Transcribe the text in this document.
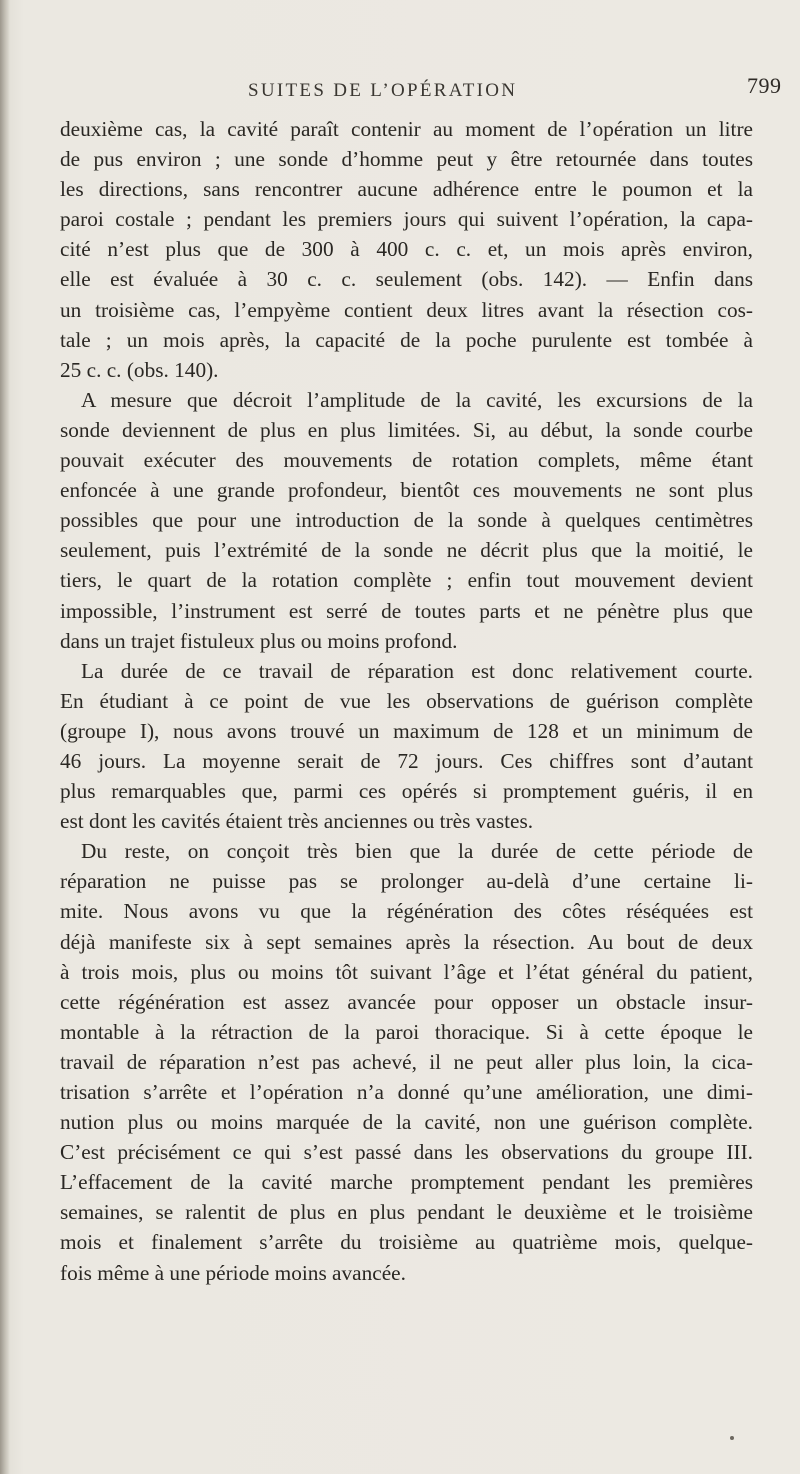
SUITES DE L’OPÉRATION	799
deuxième cas, la cavité paraît contenir au moment de l’opération un litre
de pus environ ; une sonde d’homme peut y être retournée dans toutes
les directions, sans rencontrer aucune adhérence entre le poumon et la
paroi costale ; pendant les premiers jours qui suivent l’opération, la capa-
cité n’est plus que de 300 à 400 c. c. et, un mois après environ,
elle est évaluée à 30 c. c. seulement (obs. 142). — Enfin dans
un troisième cas, l’empyème contient deux litres avant la résection cos-
tale ; un mois après, la capacité de la poche purulente est tombée à
25 c. c. (obs. 140).
A mesure que décroit l’amplitude de la cavité, les excursions de la
sonde deviennent de plus en plus limitées. Si, au début, la sonde courbe
pouvait exécuter des mouvements de rotation complets, même étant
enfoncée à une grande profondeur, bientôt ces mouvements ne sont plus
possibles que pour une introduction de la sonde à quelques centimètres
seulement, puis l’extrémité de la sonde ne décrit plus que la moitié, le
tiers, le quart de la rotation complète ; enfin tout mouvement devient
impossible, l’instrument est serré de toutes parts et ne pénètre plus que
dans un trajet fistuleux plus ou moins profond.
La durée de ce travail de réparation est donc relativement courte.
En étudiant à ce point de vue les observations de guérison complète
(groupe I), nous avons trouvé un maximum de 128 et un minimum de
46 jours. La moyenne serait de 72 jours. Ces chiffres sont d’autant
plus remarquables que, parmi ces opérés si promptement guéris, il en
est dont les cavités étaient très anciennes ou très vastes.
Du reste, on conçoit très bien que la durée de cette période de
réparation ne puisse pas se prolonger au-delà d’une certaine li-
mite. Nous avons vu que la régénération des côtes réséquées est
déjà manifeste six à sept semaines après la résection. Au bout de deux
à trois mois, plus ou moins tôt suivant l’âge et l’état général du patient,
cette régénération est assez avancée pour opposer un obstacle insur-
montable à la rétraction de la paroi thoracique. Si à cette époque le
travail de réparation n’est pas achevé, il ne peut aller plus loin, la cica-
trisation s’arrête et l’opération n’a donné qu’une amélioration, une dimi-
nution plus ou moins marquée de la cavité, non une guérison complète.
C’est précisément ce qui s’est passé dans les observations du groupe III.
L’effacement de la cavité marche promptement pendant les premières
semaines, se ralentit de plus en plus pendant le deuxième et le troisième
mois et finalement s’arrête du troisième au quatrième mois, quelque-
fois même à une période moins avancée.
